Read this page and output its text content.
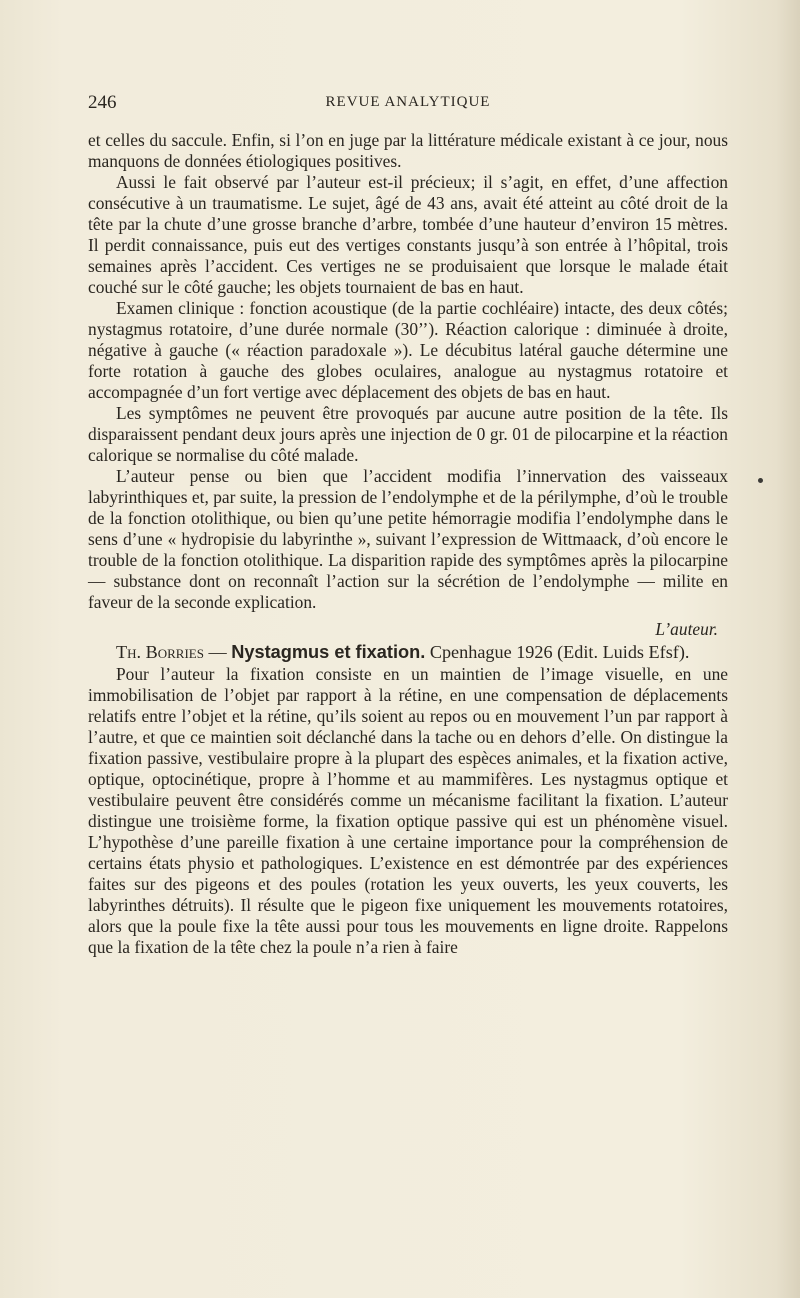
246	REVUE ANALYTIQUE

et celles du saccule. Enfin, si l’on en juge par la littérature médicale existant à ce jour, nous manquons de données étiologiques positives.

Aussi le fait observé par l’auteur est-il précieux; il s’agit, en effet, d’une affection consécutive à un traumatisme. Le sujet, âgé de 43 ans, avait été atteint au côté droit de la tête par la chute d’une grosse branche d’arbre, tombée d’une hauteur d’environ 15 mètres. Il perdit connaissance, puis eut des vertiges constants jusqu’à son entrée à l’hôpital, trois semaines après l’accident. Ces vertiges ne se produisaient que lorsque le malade était couché sur le côté gauche; les objets tournaient de bas en haut.

Examen clinique : fonction acoustique (de la partie cochléaire) intacte, des deux côtés; nystagmus rotatoire, d’une durée normale (30’’). Réaction calorique : diminuée à droite, négative à gauche (« réaction paradoxale »). Le décubitus latéral gauche détermine une forte rotation à gauche des globes oculaires, analogue au nystagmus rotatoire et accompagnée d’un fort vertige avec déplacement des objets de bas en haut.

Les symptômes ne peuvent être provoqués par aucune autre position de la tête. Ils disparaissent pendant deux jours après une injection de 0 gr. 01 de pilocarpine et la réaction calorique se normalise du côté malade.

L’auteur pense ou bien que l’accident modifia l’innervation des vaisseaux labyrinthiques et, par suite, la pression de l’endolymphe et de la périlymphe, d’où le trouble de la fonction otolithique, ou bien qu’une petite hémorragie modifia l’endolymphe dans le sens d’une « hydropisie du labyrinthe », suivant l’expression de Wittmaack, d’où encore le trouble de la fonction otolithique. La disparition rapide des symptômes après la pilocarpine — substance dont on reconnaît l’action sur la sécrétion de l’endolymphe — milite en faveur de la seconde explication.

L’auteur.

Th. Borries — Nystagmus et fixation. Cpenhague 1926 (Edit. Luids Efsf).

Pour l’auteur la fixation consiste en un maintien de l’image visuelle, en une immobilisation de l’objet par rapport à la rétine, en une compensation de déplacements relatifs entre l’objet et la rétine, qu’ils soient au repos ou en mouvement l’un par rapport à l’autre, et que ce maintien soit déclanché dans la tache ou en dehors d’elle. On distingue la fixation passive, vestibulaire propre à la plupart des espèces animales, et la fixation active, optique, optocinétique, propre à l’homme et au mammifères. Les nystagmus optique et vestibulaire peuvent être considérés comme un mécanisme facilitant la fixation. L’auteur distingue une troisième forme, la fixation optique passive qui est un phénomène visuel. L’hypothèse d’une pareille fixation à une certaine importance pour la compréhension de certains états physio et pathologiques. L’existence en est démontrée par des expériences faites sur des pigeons et des poules (rotation les yeux ouverts, les yeux couverts, les labyrinthes détruits). Il résulte que le pigeon fixe uniquement les mouvements rotatoires, alors que la poule fixe la tête aussi pour tous les mouvements en ligne droite. Rappelons que la fixation de la tête chez la poule n’a rien à faire
